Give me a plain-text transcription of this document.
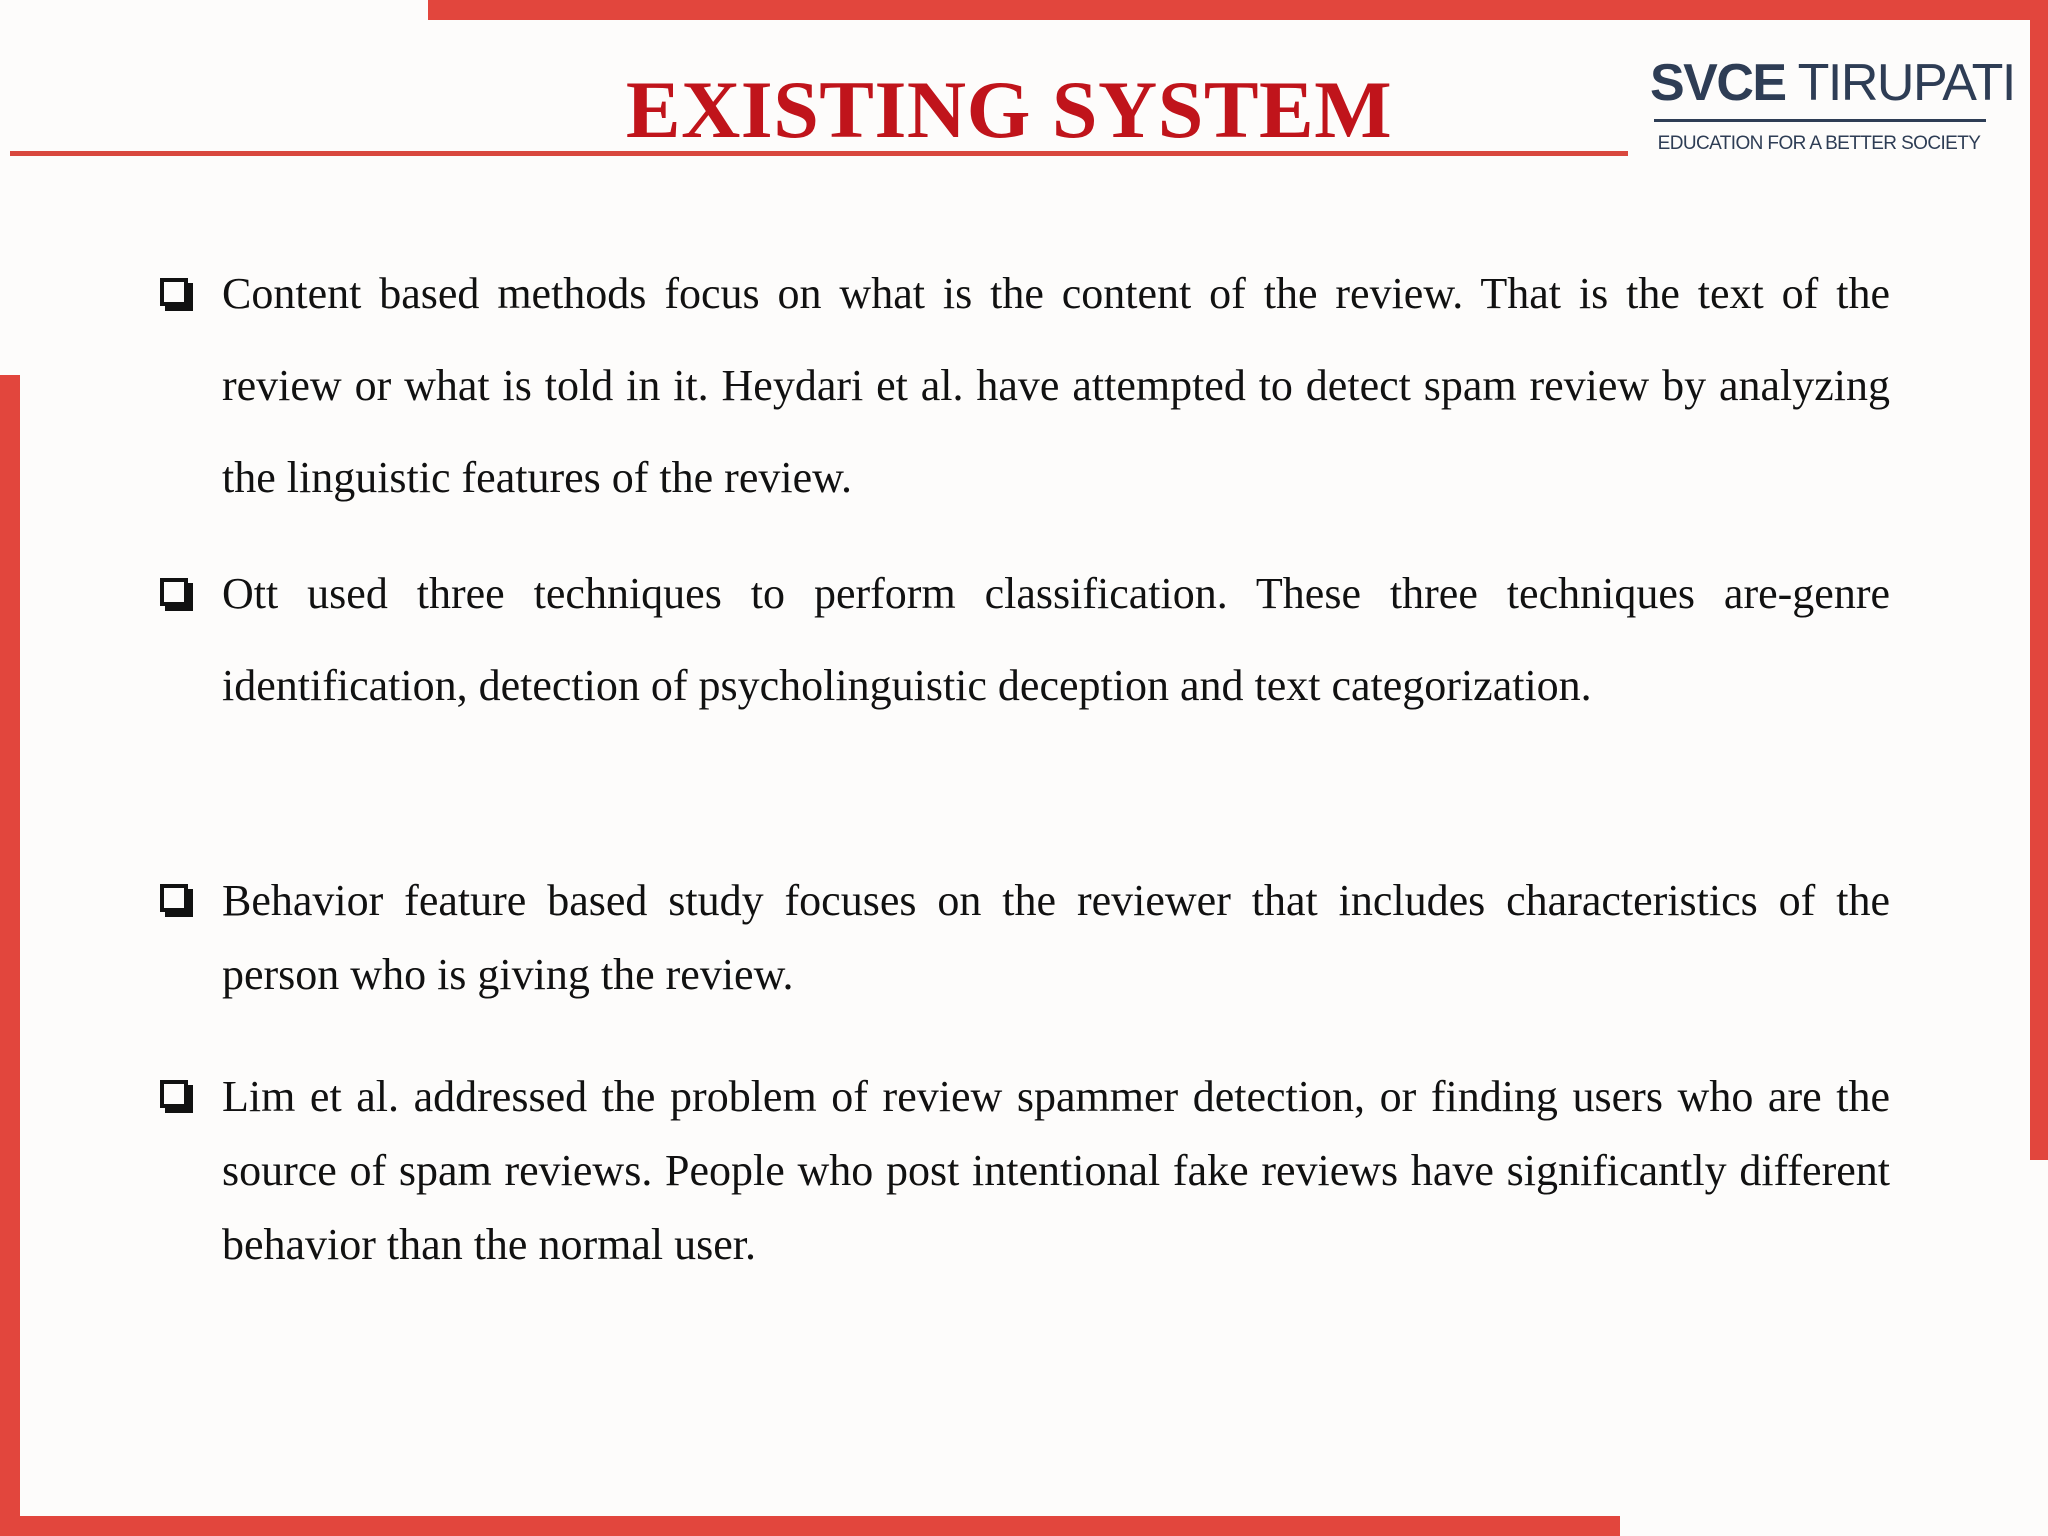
EXISTING SYSTEM	SVCE TIRUPATI
EDUCATION FOR A BETTER SOCIETY

Content based methods focus on what is the content of the review. That is the text of the review or what is told in it. Heydari et al. have attempted to detect spam review by analyzing the linguistic features of the review.

Ott used three techniques to perform classification. These three techniques are-genre identification, detection of psycholinguistic deception and text categorization.

Behavior feature based study focuses on the reviewer that includes characteristics of the person who is giving the review.

Lim et al. addressed the problem of review spammer detection, or finding users who are the source of spam reviews. People who post intentional fake reviews have significantly different behavior than the normal user.
